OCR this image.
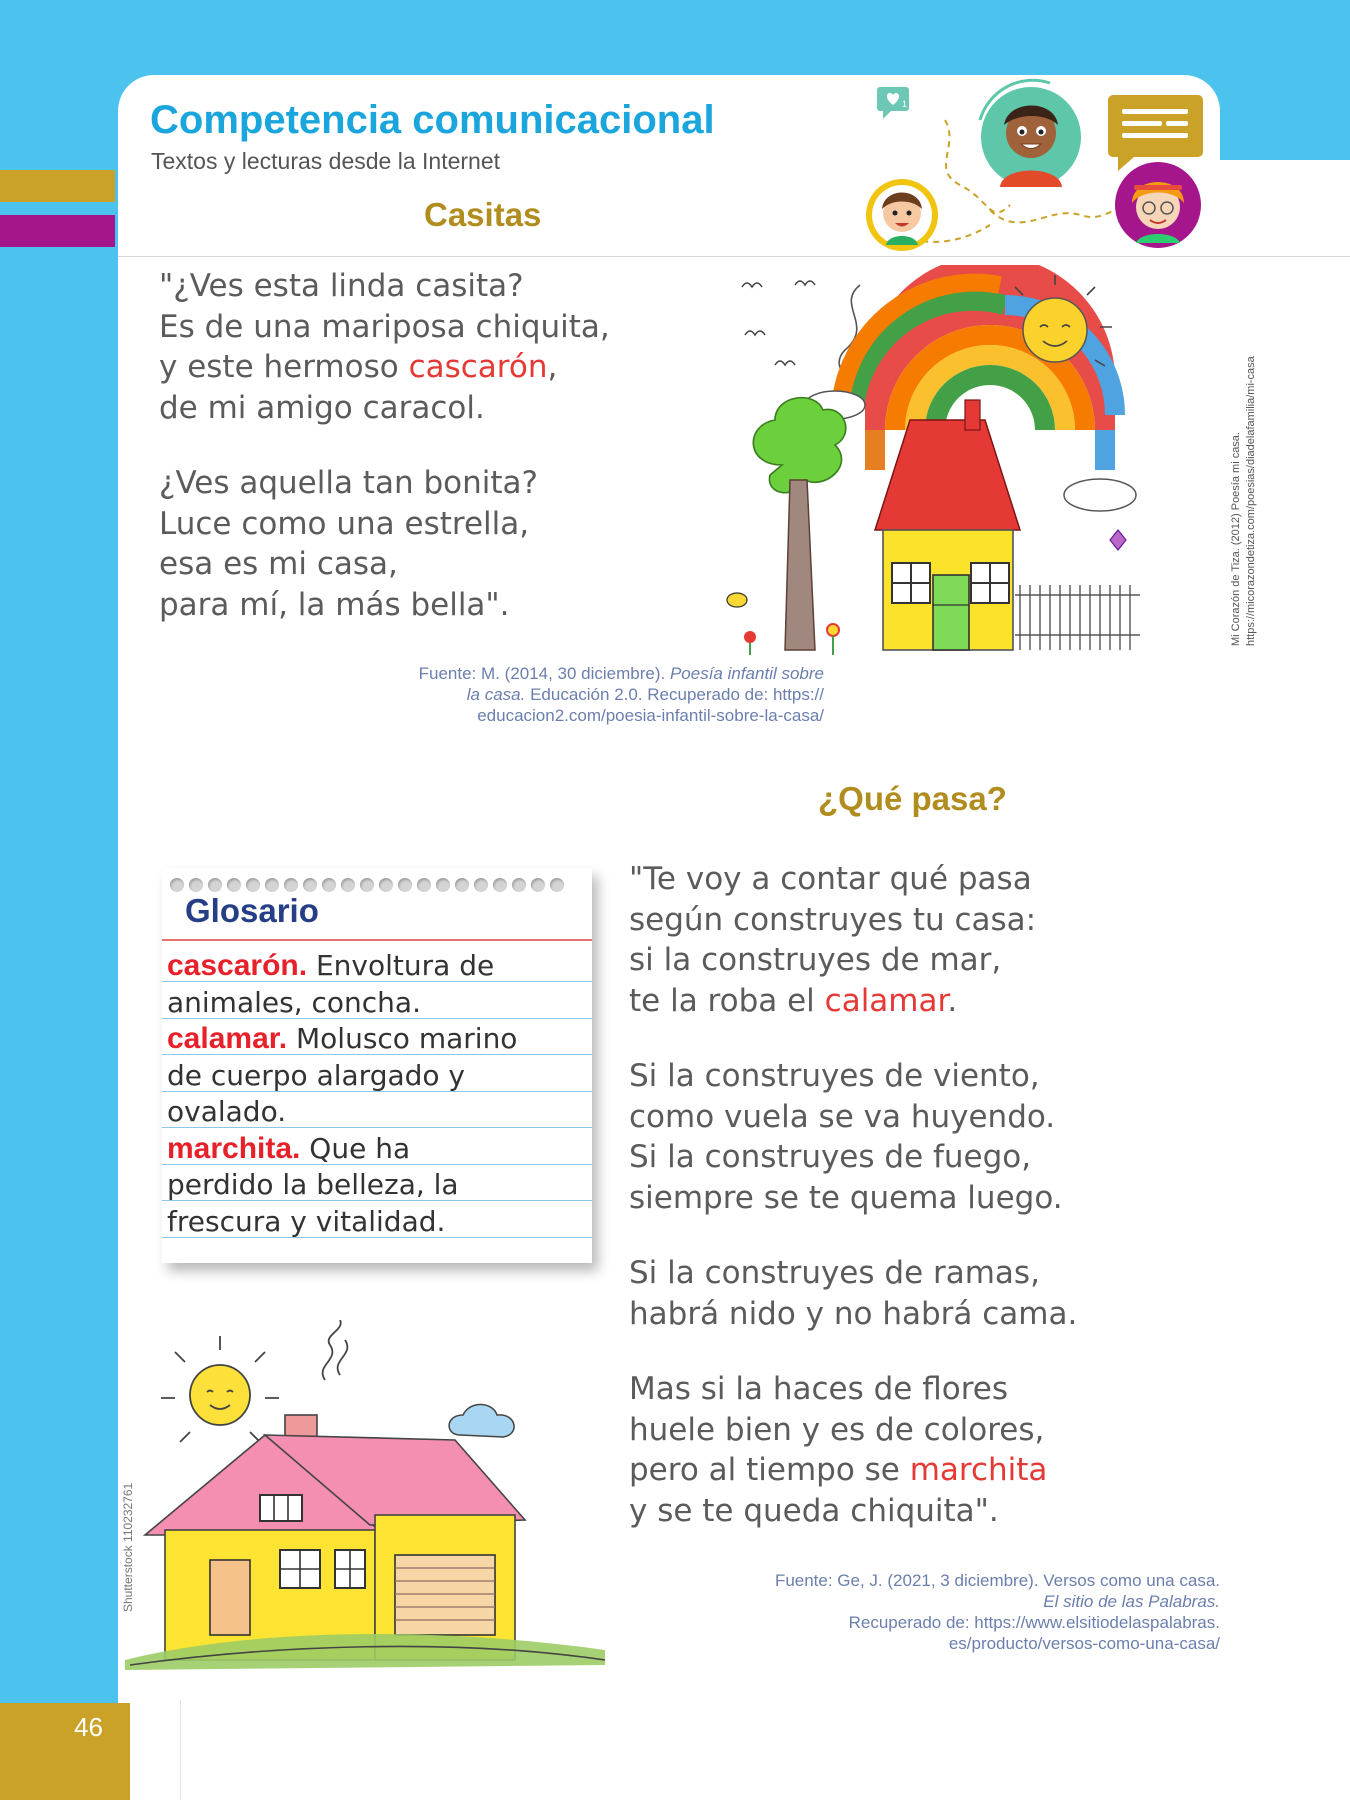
46
Competencia comunicacional
Textos y lecturas desde la Internet
Casitas
1
"¿Ves esta linda casita?
Es de una mariposa chiquita,
y este hermoso cascarón,
de mi amigo caracol.
¿Ves aquella tan bonita?
Luce como una estrella,
esa es mi casa,
para mí, la más bella".	Mi Corazón de Tiza. (2012) Poesía mi casa. https://micorazondetiza.com/poesias/diadelafamilia/mi-casa
Fuente: M. (2014, 30 diciembre). Poesía infantil sobre
la casa. Educación 2.0. Recuperado de: https://
educacion2.com/poesia-infantil-sobre-la-casa/
¿Qué pasa?
Glosario
cascarón. Envoltura de
animales, concha.
calamar. Molusco marino
de cuerpo alargado y
ovalado.
marchita. Que ha
perdido la belleza, la
frescura y vitalidad.
"Te voy a contar qué pasa
según construyes tu casa:
si la construyes de mar,
te la roba el calamar.
Si la construyes de viento,
como vuela se va huyendo.
Si la construyes de fuego,
siempre se te quema luego.
Si la construyes de ramas,
habrá nido y no habrá cama.
Mas si la haces de flores
huele bien y es de colores,
pero al tiempo se marchita
y se te queda chiquita".
Shutterstock 110232761	Fuente: Ge, J. (2021, 3 diciembre). Versos como una casa.
El sitio de las Palabras.
Recuperado de: https://www.elsitiodelaspalabras.
es/producto/versos-como-una-casa/
